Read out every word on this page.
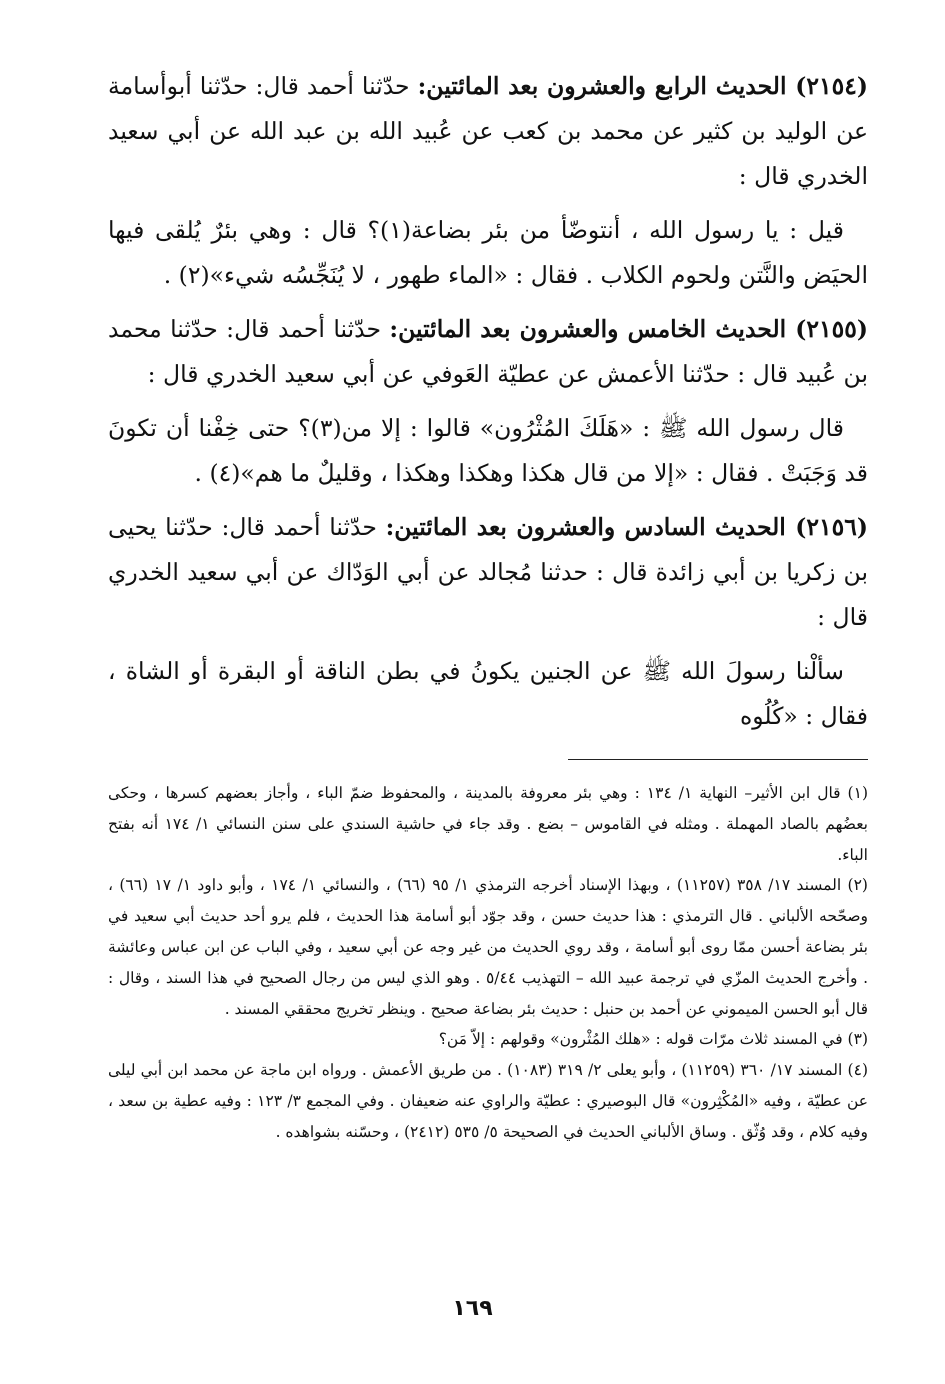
(٢١٥٤) الحديث الرابع والعشرون بعد المائتين: حدّثنا أحمد قال: حدّثنا أبوأسامة عن الوليد بن كثير عن محمد بن كعب عن عُبيد الله بن عبد الله عن أبي سعيد الخدري قال :

قيل : يا رسول الله ، أنتوضّأ من بئر بضاعة(١)؟ قال : وهي بئرٌ يُلقى فيها الحيَض والنَّتن ولحوم الكلاب . فقال : «الماء طهور ، لا يُنَجِّسُه شيء»(٢) .

(٢١٥٥) الحديث الخامس والعشرون بعد المائتين: حدّثنا أحمد قال: حدّثنا محمد بن عُبيد قال : حدّثنا الأعمش عن عطيّة العَوفي عن أبي سعيد الخدري قال :

قال رسول الله ﷺ : «هَلَكَ المُثْرُون» قالوا : إلا من(٣)؟ حتى خِفْنا أن تكونَ قد وَجَبَتْ . فقال : «إلا من قال هكذا وهكذا وهكذا ، وقليلٌ ما هم»(٤) .

(٢١٥٦) الحديث السادس والعشرون بعد المائتين: حدّثنا أحمد قال: حدّثنا يحيى بن زكريا بن أبي زائدة قال : حدثنا مُجالد عن أبي الوَدّاك عن أبي سعيد الخدري قال :

سألْنا رسولَ الله ﷺ عن الجنين يكونُ في بطن الناقة أو البقرة أو الشاة ، فقال : «كُلُوه

(١) قال ابن الأثير– النهاية ١/ ١٣٤ : وهي بئر معروفة بالمدينة ، والمحفوظ ضمّ الباء ، وأجاز بعضهم كسرها ، وحكى بعضُهم بالصاد المهملة . ومثله في القاموس – بضع . وقد جاء في حاشية السندي على سنن النسائي ١/ ١٧٤ أنه بفتح الباء.

(٢) المسند ١٧/ ٣٥٨ (١١٢٥٧) ، وبهذا الإسناد أخرجه الترمذي ١/ ٩٥ (٦٦) ، والنسائي ١/ ١٧٤ ، وأبو داود ١/ ١٧ (٦٦) ، وصحّحه الألباني . قال الترمذي : هذا حديث حسن ، وقد جوّد أبو أسامة هذا الحديث ، فلم يرو أحد حديث أبي سعيد في بئر بضاعة أحسن ممّا روى أبو أسامة ، وقد روي الحديث من غير وجه عن أبي سعيد ، وفي الباب عن ابن عباس وعائشة . وأخرج الحديث المزّي في ترجمة عبيد الله – التهذيب ٥/٤٤ . وهو الذي ليس من رجال الصحيح في هذا السند ، وقال : قال أبو الحسن الميموني عن أحمد بن حنبل : حديث بئر بضاعة صحيح . وينظر تخريج محققي المسند .

(٣) في المسند ثلاث مرّات قوله : «هلك المُثْرون» وقولهم : إلاّ مَن؟

(٤) المسند ١٧/ ٣٦٠ (١١٢٥٩) ، وأبو يعلى ٢/ ٣١٩ (١٠٨٣) . من طريق الأعمش . ورواه ابن ماجة عن محمد ابن أبي ليلى عن عطيّة ، وفيه «المُكْثِرون» قال البوصيري : عطيّة والراوي عنه ضعيفان . وفي المجمع ٣/ ١٢٣ : وفيه عطية بن سعد ، وفيه كلام ، وقد وُثّق . وساق الألباني الحديث في الصحيحة ٥/ ٥٣٥ (٢٤١٢) ، وحسّنه بشواهده .

١٦٩
